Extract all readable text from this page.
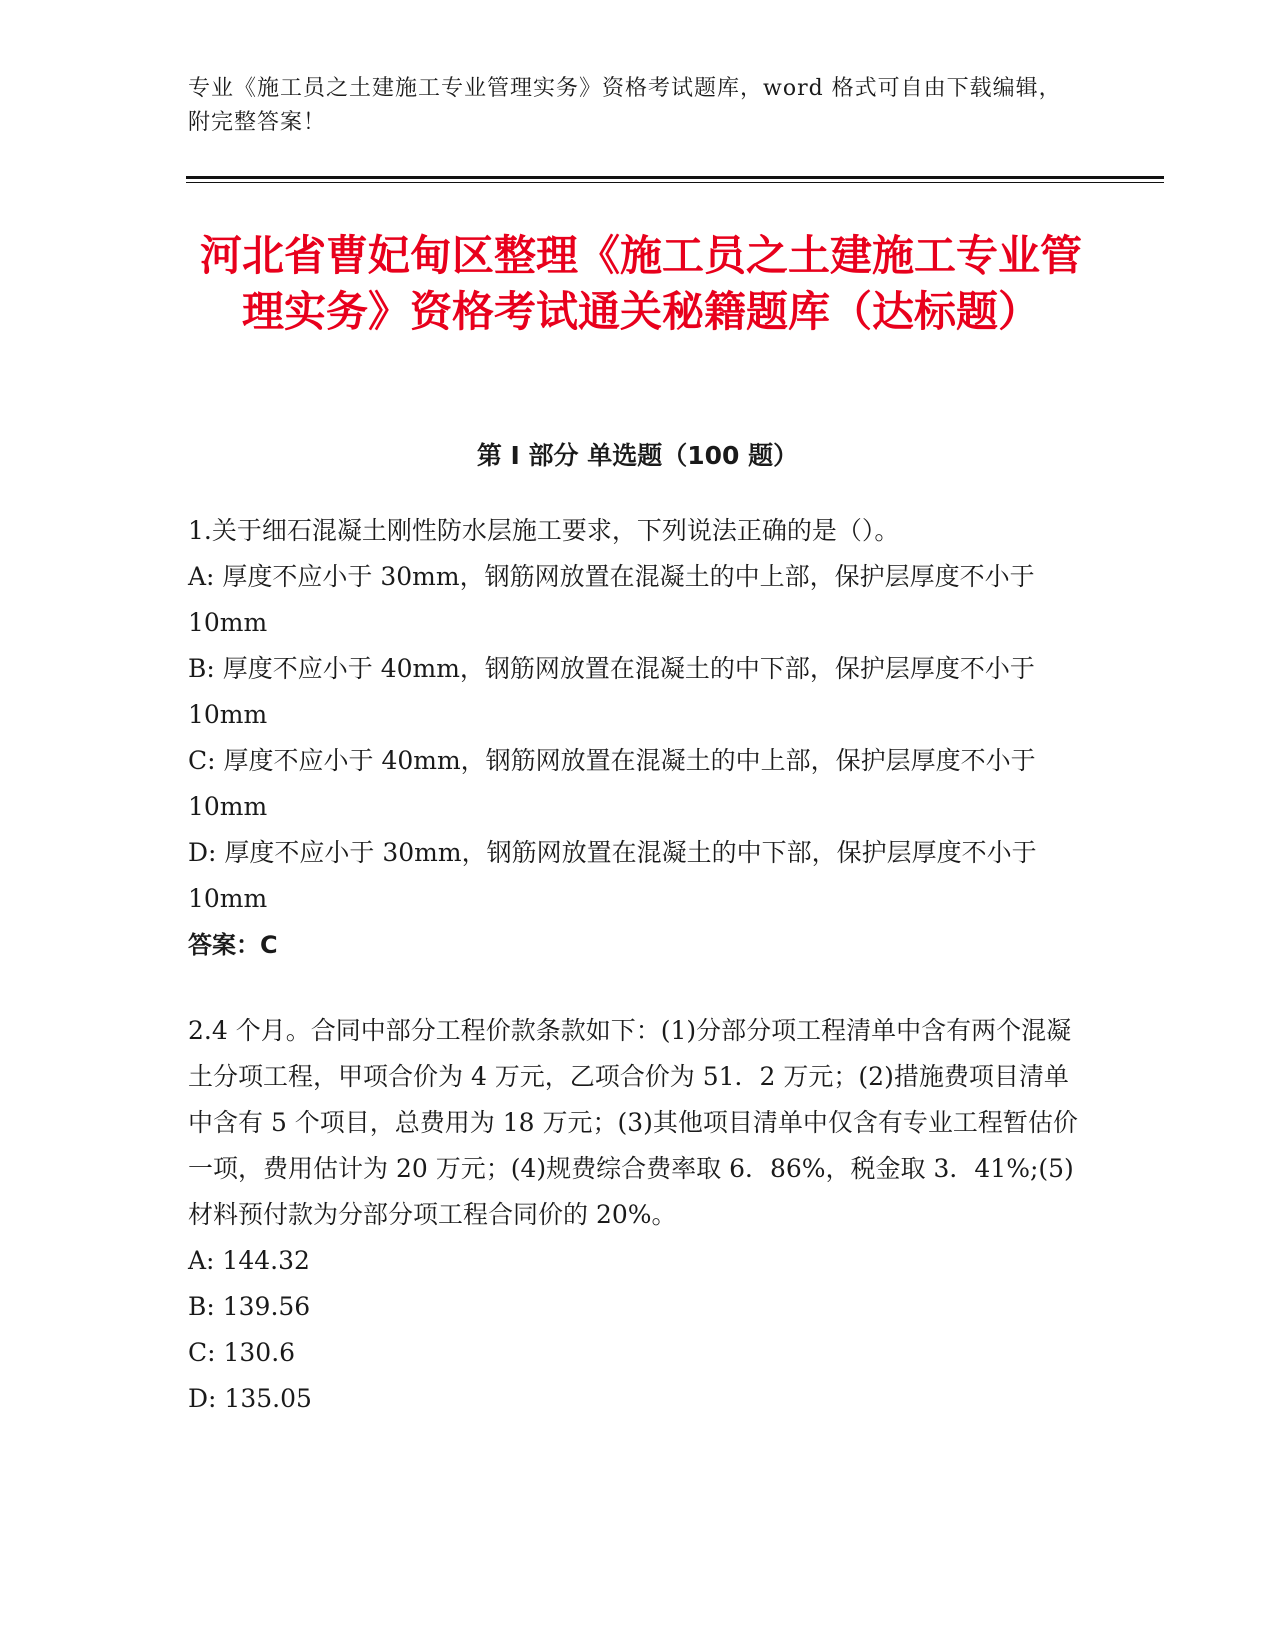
专业《施工员之土建施工专业管理实务》资格考试题库，word 格式可自由下载编辑，附完整答案！
河北省曹妃甸区整理《施工员之土建施工专业管理实务》资格考试通关秘籍题库（达标题）
第 I 部分 单选题（100 题）

1.关于细石混凝土刚性防水层施工要求，下列说法正确的是（）。

A: 厚度不应小于 30mm，钢筋网放置在混凝土的中上部，保护层厚度不小于 10mm

B: 厚度不应小于 40mm，钢筋网放置在混凝土的中下部，保护层厚度不小于 10mm

C: 厚度不应小于 40mm，钢筋网放置在混凝土的中上部，保护层厚度不小于 10mm

D: 厚度不应小于 30mm，钢筋网放置在混凝土的中下部，保护层厚度不小于 10mm

答案：C

2.4 个月。合同中部分工程价款条款如下：(1)分部分项工程清单中含有两个混凝土分项工程，甲项合价为 4 万元，乙项合价为 51．2 万元；(2)措施费项目清单中含有 5 个项目，总费用为 18 万元；(3)其他项目清单中仅含有专业工程暂估价一项，费用估计为 20 万元；(4)规费综合费率取 6．86%，税金取 3．41%;(5)材料预付款为分部分项工程合同价的 20%。

A: 144.32

B: 139.56

C: 130.6

D: 135.05
